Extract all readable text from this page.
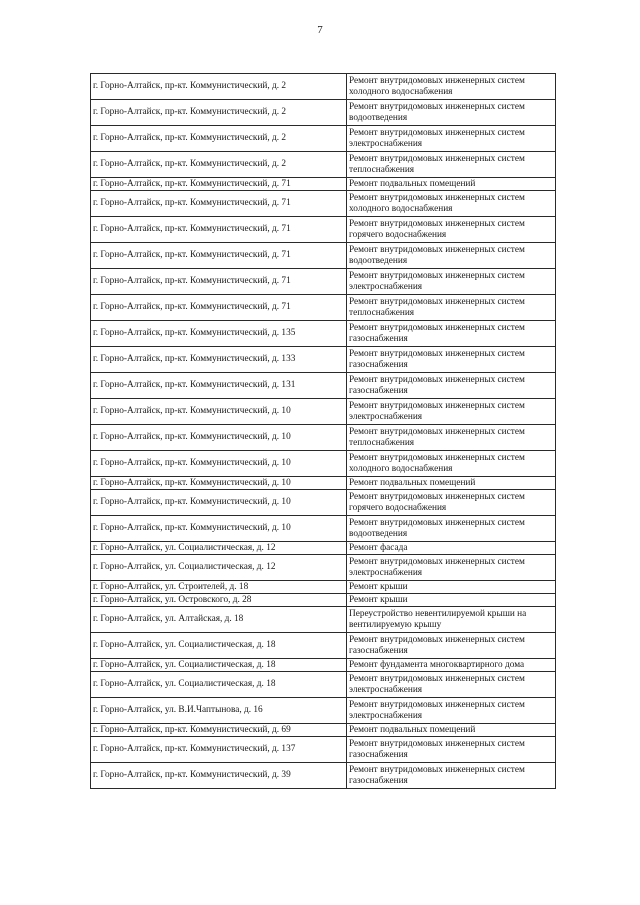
7
г. Горно-Алтайск, пр-кт. Коммунистический, д. 2	Ремонт внутридомовых инженерных систем
холодного водоснабжения

г. Горно-Алтайск, пр-кт. Коммунистический, д. 2	Ремонт внутридомовых инженерных систем
водоотведения

г. Горно-Алтайск, пр-кт. Коммунистический, д. 2	Ремонт внутридомовых инженерных систем
электроснабжения

г. Горно-Алтайск, пр-кт. Коммунистический, д. 2	Ремонт внутридомовых инженерных систем
теплоснабжения

г. Горно-Алтайск, пр-кт. Коммунистический, д. 71	Ремонт подвальных помещений

г. Горно-Алтайск, пр-кт. Коммунистический, д. 71	Ремонт внутридомовых инженерных систем
холодного водоснабжения

г. Горно-Алтайск, пр-кт. Коммунистический, д. 71	Ремонт внутридомовых инженерных систем
горячего водоснабжения

г. Горно-Алтайск, пр-кт. Коммунистический, д. 71	Ремонт внутридомовых инженерных систем
водоотведения

г. Горно-Алтайск, пр-кт. Коммунистический, д. 71	Ремонт внутридомовых инженерных систем
электроснабжения

г. Горно-Алтайск, пр-кт. Коммунистический, д. 71	Ремонт внутридомовых инженерных систем
теплоснабжения

г. Горно-Алтайск, пр-кт. Коммунистический, д. 135	Ремонт внутридомовых инженерных систем
газоснабжения

г. Горно-Алтайск, пр-кт. Коммунистический, д. 133	Ремонт внутридомовых инженерных систем
газоснабжения

г. Горно-Алтайск, пр-кт. Коммунистический, д. 131	Ремонт внутридомовых инженерных систем
газоснабжения

г. Горно-Алтайск, пр-кт. Коммунистический, д. 10	Ремонт внутридомовых инженерных систем
электроснабжения

г. Горно-Алтайск, пр-кт. Коммунистический, д. 10	Ремонт внутридомовых инженерных систем
теплоснабжения

г. Горно-Алтайск, пр-кт. Коммунистический, д. 10	Ремонт внутридомовых инженерных систем
холодного водоснабжения

г. Горно-Алтайск, пр-кт. Коммунистический, д. 10	Ремонт подвальных помещений

г. Горно-Алтайск, пр-кт. Коммунистический, д. 10	Ремонт внутридомовых инженерных систем
горячего водоснабжения

г. Горно-Алтайск, пр-кт. Коммунистический, д. 10	Ремонт внутридомовых инженерных систем
водоотведения

г. Горно-Алтайск, ул. Социалистическая, д. 12	Ремонт фасада

г. Горно-Алтайск, ул. Социалистическая, д. 12	Ремонт внутридомовых инженерных систем
электроснабжения

г. Горно-Алтайск, ул. Строителей, д. 18	Ремонт крыши

г. Горно-Алтайск, ул. Островского, д. 28	Ремонт крыши

г. Горно-Алтайск, ул. Алтайская, д. 18	Переустройство невентилируемой крыши на
вентилируемую крышу

г. Горно-Алтайск, ул. Социалистическая, д. 18	Ремонт внутридомовых инженерных систем
газоснабжения

г. Горно-Алтайск, ул. Социалистическая, д. 18	Ремонт фундамента многоквартирного дома

г. Горно-Алтайск, ул. Социалистическая, д. 18	Ремонт внутридомовых инженерных систем
электроснабжения

г. Горно-Алтайск, ул. В.И.Чаптынова, д. 16	Ремонт внутридомовых инженерных систем
электроснабжения

г. Горно-Алтайск, пр-кт. Коммунистический, д. 69	Ремонт подвальных помещений

г. Горно-Алтайск, пр-кт. Коммунистический, д. 137	Ремонт внутридомовых инженерных систем
газоснабжения

г. Горно-Алтайск, пр-кт. Коммунистический, д. 39	Ремонт внутридомовых инженерных систем
газоснабжения
